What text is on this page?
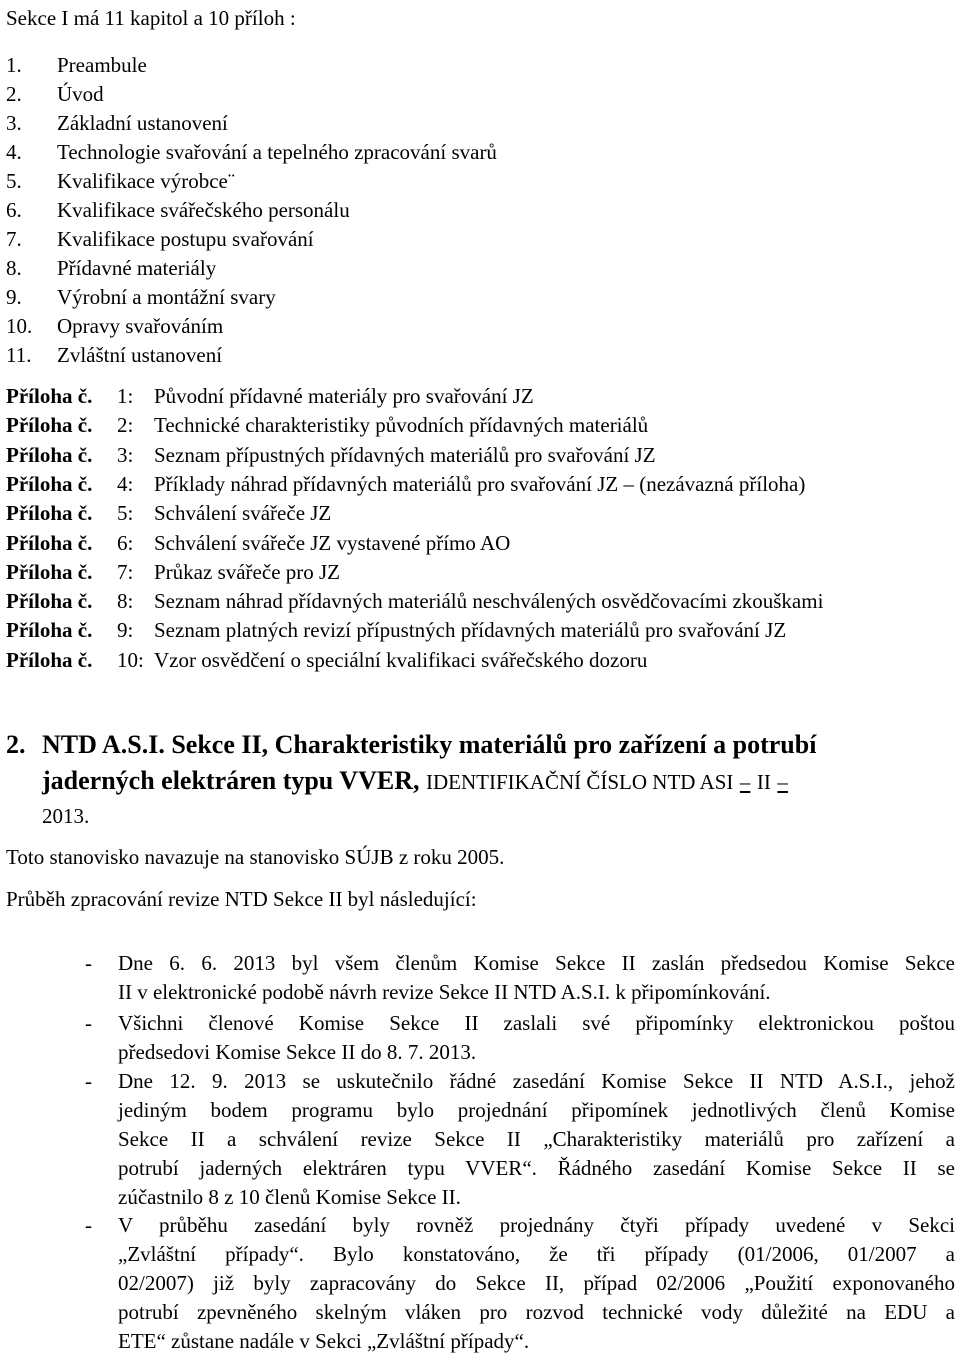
Sekce I má 11 kapitol a 10 příloh :
1. Preambule
2. Úvod
3. Základní ustanovení
4. Technologie svařování a tepelného zpracování svarů
5. Kvalifikace výrobce¨
6. Kvalifikace svářečského personálu
7. Kvalifikace postupu svařování
8. Přídavné materiály
9. Výrobní a montážní svary
10. Opravy svařováním
11. Zvláštní ustanovení
Příloha č. 1: Původní přídavné materiály pro svařování JZ
Příloha č. 2: Technické charakteristiky původních přídavných materiálů
Příloha č. 3: Seznam přípustných přídavných materiálů pro svařování JZ
Příloha č. 4: Příklady náhrad přídavných materiálů pro svařování JZ – (nezávazná příloha)
Příloha č. 5: Schválení svářeče JZ
Příloha č. 6: Schválení svářeče JZ vystavené přímo AO
Příloha č. 7: Průkaz svářeče pro JZ
Příloha č. 8: Seznam náhrad přídavných materiálů neschválených osvědčovacími zkouškami
Příloha č. 9: Seznam platných revizí přípustných přídavných materiálů pro svařování JZ
Příloha č. 10: Vzor osvědčení o speciální kvalifikaci svářečského dozoru
2. NTD A.S.I. Sekce II, Charakteristiky materiálů pro zařízení a potrubí
jaderných elektráren typu VVER, IDENTIFIKAČNÍ ČÍSLO NTD ASI – II –
2013.
Toto stanovisko navazuje na stanovisko SÚJB z roku 2005.
Průběh zpracování revize NTD Sekce II byl následující:
- Dne 6. 6. 2013 byl všem členům Komise Sekce II zaslán předsedou Komise Sekce
II v elektronické podobě návrh revize Sekce II NTD A.S.I. k připomínkování.
- Všichni členové Komise Sekce II zaslali své připomínky elektronickou poštou
předsedovi Komise Sekce II do 8. 7. 2013.
- Dne 12. 9. 2013 se uskutečnilo řádné zasedání Komise Sekce II NTD A.S.I., jehož
jediným bodem programu bylo projednání připomínek jednotlivých členů Komise
Sekce II a schválení revize Sekce II „Charakteristiky materiálů pro zařízení a
potrubí jaderných elektráren typu VVER“. Řádného zasedání Komise Sekce II se
zúčastnilo 8 z 10 členů Komise Sekce II.
- V průběhu zasedání byly rovněž projednány čtyři případy uvedené v Sekci
„Zvláštní případy“. Bylo konstatováno, že tři případy (01/2006, 01/2007 a
02/2007) již byly zapracovány do Sekce II, případ 02/2006 „Použití exponovaného
potrubí zpevněného skelným vláken pro rozvod technické vody důležité na EDU a
ETE“ zůstane nadále v Sekci „Zvláštní případy“.
